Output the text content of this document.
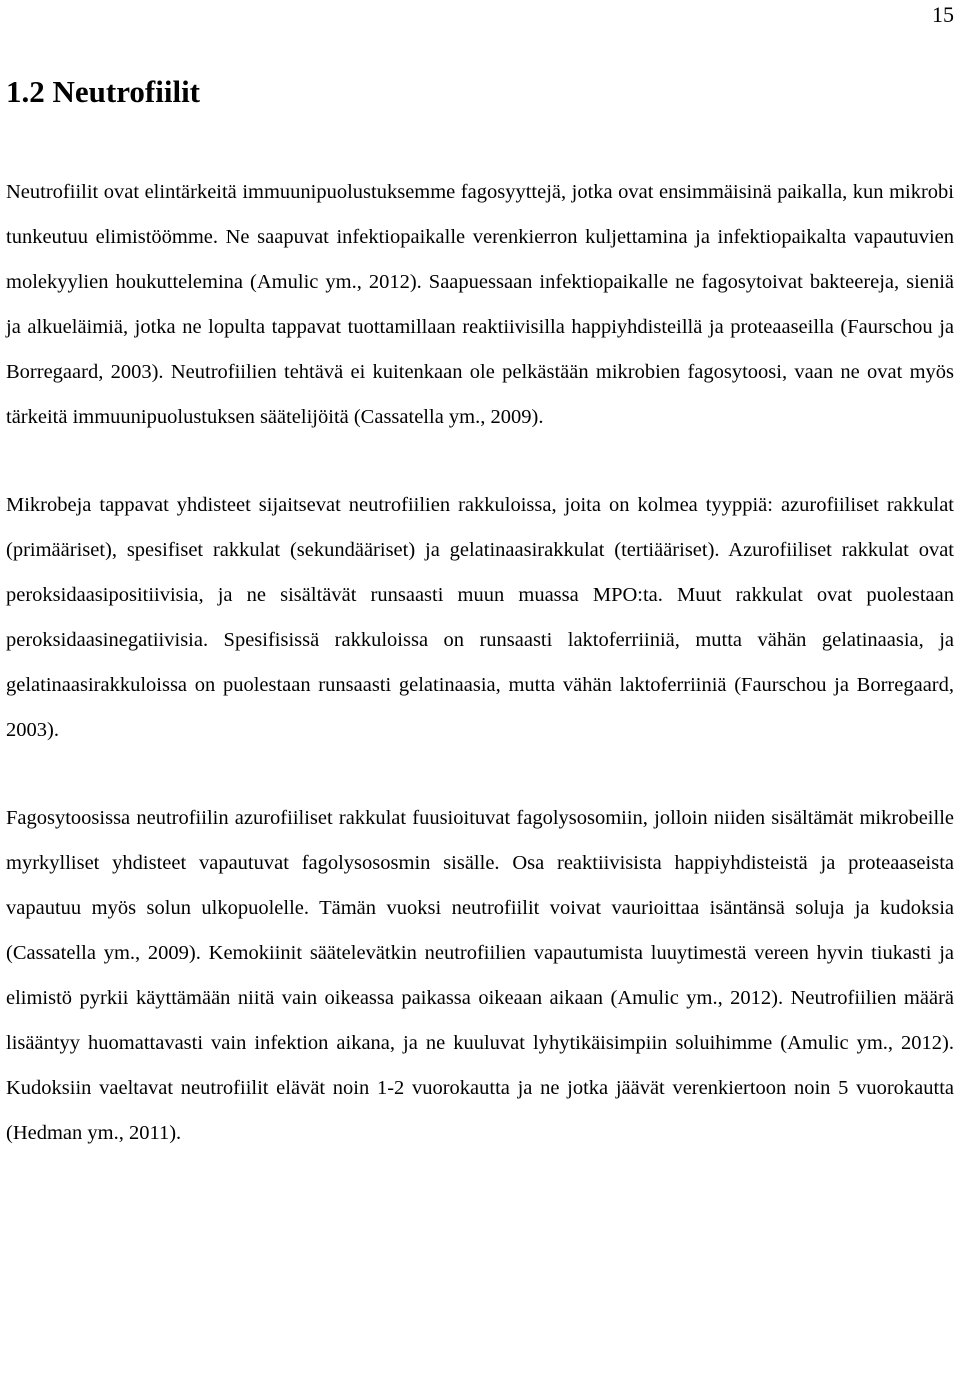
15
1.2 Neutrofiilit

Neutrofiilit ovat elintärkeitä immuunipuolustuksemme fagosyyttejä, jotka ovat ensimmäisinä paikalla, kun mikrobi tunkeutuu elimistöömme. Ne saapuvat infektiopaikalle verenkierron kuljettamina ja infektiopaikalta vapautuvien molekyylien houkuttelemina (Amulic ym., 2012). Saapuessaan infektiopaikalle ne fagosytoivat bakteereja, sieniä ja alkueläimiä, jotka ne lopulta tappavat tuottamillaan reaktiivisilla happiyhdisteillä ja proteaaseilla (Faurschou ja Borregaard, 2003). Neutrofiilien tehtävä ei kuitenkaan ole pelkästään mikrobien fagosytoosi, vaan ne ovat myös tärkeitä immuunipuolustuksen säätelijöitä (Cassatella ym., 2009).

Mikrobeja tappavat yhdisteet sijaitsevat neutrofiilien rakkuloissa, joita on kolmea tyyppiä: azurofiiliset rakkulat (primääriset), spesifiset rakkulat (sekundääriset) ja gelatinaasirakkulat (tertiääriset). Azurofiiliset rakkulat ovat peroksidaasipositiivisia, ja ne sisältävät runsaasti muun muassa MPO:ta. Muut rakkulat ovat puolestaan peroksidaasinegatiivisia. Spesifisissä rakkuloissa on runsaasti laktoferriiniä, mutta vähän gelatinaasia, ja gelatinaasirakkuloissa on puolestaan runsaasti gelatinaasia, mutta vähän laktoferriiniä (Faurschou ja Borregaard, 2003).

Fagosytoosissa neutrofiilin azurofiiliset rakkulat fuusioituvat fagolysosomiin, jolloin niiden sisältämät mikrobeille myrkylliset yhdisteet vapautuvat fagolysososmin sisälle. Osa reaktiivisista happiyhdisteistä ja proteaaseista vapautuu myös solun ulkopuolelle. Tämän vuoksi neutrofiilit voivat vaurioittaa isäntänsä soluja ja kudoksia (Cassatella ym., 2009). Kemokiinit säätelevätkin neutrofiilien vapautumista luuytimestä vereen hyvin tiukasti ja elimistö pyrkii käyttämään niitä vain oikeassa paikassa oikeaan aikaan (Amulic ym., 2012). Neutrofiilien määrä lisääntyy huomattavasti vain infektion aikana, ja ne kuuluvat lyhytikäisimpiin soluihimme (Amulic ym., 2012). Kudoksiin vaeltavat neutrofiilit elävät noin 1-2 vuorokautta ja ne jotka jäävät verenkiertoon noin 5 vuorokautta (Hedman ym., 2011).
